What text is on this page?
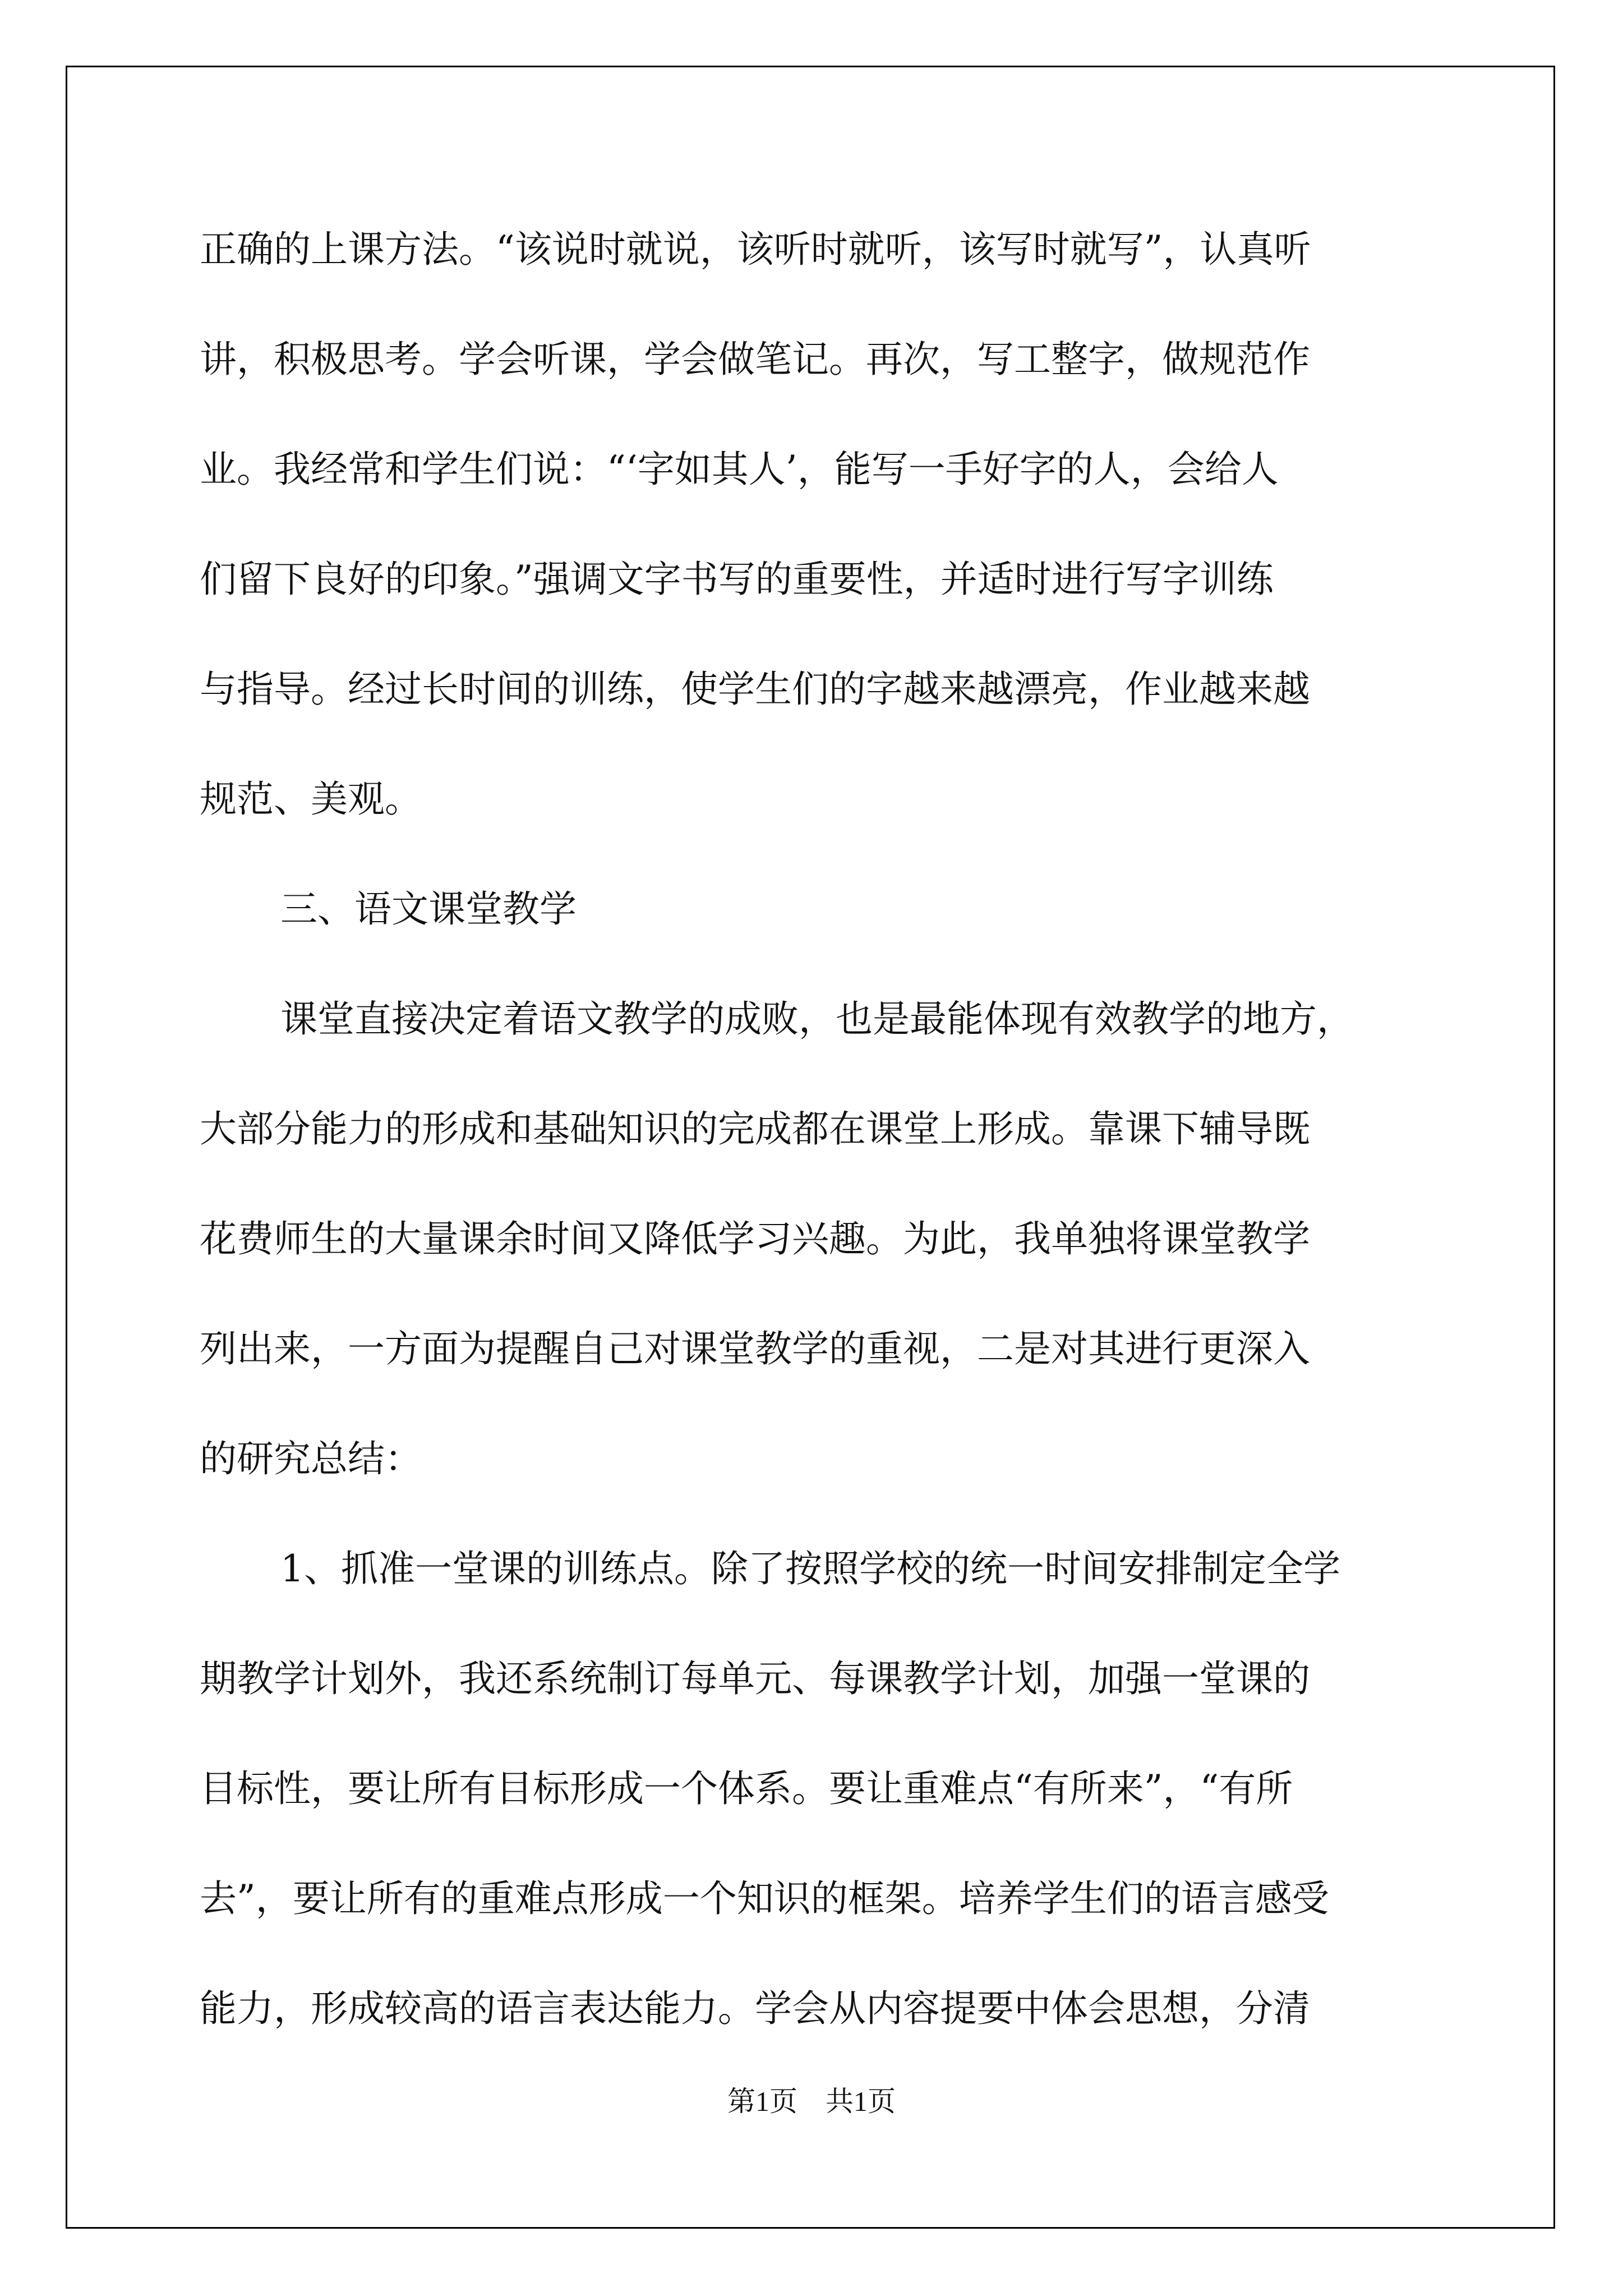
正确的上课方法。“该说时就说，该听时就听，该写时就写”，认真听
讲，积极思考。学会听课，学会做笔记。再次，写工整字，做规范作
业。我经常和学生们说：“‘字如其人’，能写一手好字的人，会给人
们留下良好的印象。”强调文字书写的重要性，并适时进行写字训练
与指导。经过长时间的训练，使学生们的字越来越漂亮，作业越来越
规范、美观。
三、语文课堂教学
课堂直接决定着语文教学的成败，也是最能体现有效教学的地方，
大部分能力的形成和基础知识的完成都在课堂上形成。靠课下辅导既
花费师生的大量课余时间又降低学习兴趣。为此，我单独将课堂教学
列出来，一方面为提醒自己对课堂教学的重视，二是对其进行更深入
的研究总结：
1、抓准一堂课的训练点。除了按照学校的统一时间安排制定全学
期教学计划外，我还系统制订每单元、每课教学计划，加强一堂课的
目标性，要让所有目标形成一个体系。要让重难点“有所来”，“有所
去”，要让所有的重难点形成一个知识的框架。培养学生们的语言感受
能力，形成较高的语言表达能力。学会从内容提要中体会思想，分清
第1页　共1页
